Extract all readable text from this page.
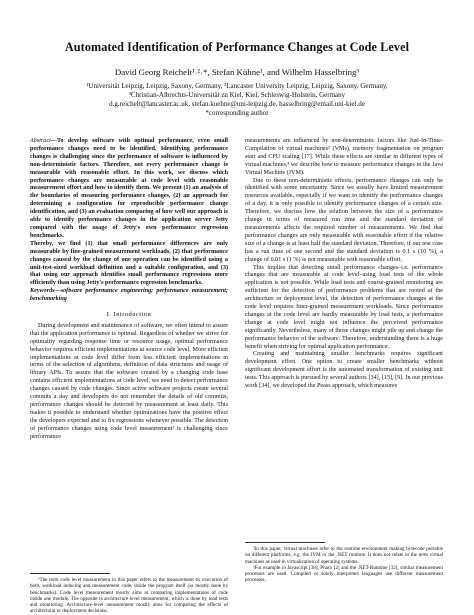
Automated Identification of Performance Changes at Code Level
David Georg Reichelt¹˒²˒*, Stefan Kühne¹, and Wilhelm Hasselbring³
¹Universität Leipzig, Leipzig, Saxony, Germany, ²Lancaster University Leipzig, Leipzig, Saxony, Germany,
³Christian-Albrechts-Universität zu Kiel, Kiel, Schleswig-Holstein, Germany
d.g.reichelt@lancaster.ac.uk, stefan.kuehne@uni-leipzig.de, hasselbring@email.uni-kiel.de
*corresponding author
Abstract—To develop software with optimal performance, even small performance changes need to be identified. Identifying performance changes is challenging since the performance of software is influenced by non-deterministic factors. Therefore, not every performance change is measurable with reasonable effort. In this work, we discuss which performance changes are measurable at code level with reasonable measurement effort and how to identify them. We present (1) an analysis of the boundaries of measuring performance changes, (2) an approach for determining a configuration for reproducible performance change identification, and (3) an evaluation comparing of how well our approach is able to identify performance changes in the application server Jetty compared with the usage of Jetty's own performance regression benchmarks.
Thereby, we find (1) that small performance differences are only measurable by fine-grained measurement workloads, (2) that performance changes caused by the change of one operation can be identified using a unit-test-sized workload definition and a suitable configuration, and (3) that using our approach identifies small performance regressions more efficiently than using Jetty's performance regression benchmarks.
Keywords—software performance engineering; performance measurement; benchmarking
I. Introduction

During development and maintenance of software, we often intend to assure that the application performance is optimal. Regardless of whether we strive for optimality regarding response time or resource usage, optimal performance behavior requires efficient implementations at source code level. More efficient implementations at code level differ from less efficient implementations in terms of the selection of algorithms, definition of data structures and usage of library APIs. To assure that the software created by a changing code base contains efficient implementations at code level, we need to detect performance changes caused by code changes. Since active software projects create several commits a day and developers do not remember the details of old commits, performance changes should be detected by measurement at least daily. This makes it possible to understand whether optimizations have the positive effect the developers expected and to fix regressions whenever possible. The detection of performance changes using code level measurement¹ is challenging since performance

¹The term code level measurement in this paper refers to the measurement by execution of both, workload inducing and measurement code, inside the program itself (as mostly done by benchmarks). Code level measurement mostly aims at comparing implementations of code inside one module. The opposite is architecture level measurement, which is done by load tests and monitoring. Architecture-level measurement mostly aims for comparing the effects of architectural or deployment decisions.

measurements are influenced by non-deterministic factors like Just-In-Time-Compilation of virtual machines² (VMs), memory fragmentation on program start and CPU scaling [17]. While these effects are similar in different types of virtual machines,³ we describe how to measure performance changes in the Java Virtual Machine (JVM).

Due to these non-deterministic effects, performance changes can only be identified with some uncertainty. Since we usually have limited measurement resources available, especially if we want to identify the performance changes of a day, it is only possible to identify performance changes of a certain size. Therefore, we discuss how the relation between the size of a performance change in terms of measured run time and the standard deviation of measurements affects the required number of measurements. We find that performance changes are only measurable with reasonable effort if the relative size of a change is at least half the standard deviation. Therefore, if our test case has a run time of one second and the standard deviation is 0.1 s (10 %), a change of 0.01 s (1 %) is not measurable with reasonable effort.

This implies that detecting small performance changes–i.e. performance changes that are measurable at code level–using load tests of the whole application is not possible. While load tests and course-grained monitoring are sufficient for the detection of performance problems that are rooted at the architecture or deployment level, the detection of performance changes at the code level requires finer-grained measurement workloads. Since performance changes at the code level are hardly measurable by load tests, a performance change at code level might not influence the perceived performance significantly. Nevertheless, many of those changes might pile up and change the performance behavior of the software. Therefore, understanding them is a huge benefit when striving for optimal application performance.

Creating and maintaining smaller benchmarks requires significant development effort. One option to create smaller benchmarks without significant development effort is the automated transformation of existing unit tests. This approach is pursued by several authors [34], [15], [9]. In our previous work [34], we developed the Peass approach, which measures

²In this paper, virtual machines refer to the runtime environment making bytecode portable on different platforms, e.g. the JVM or the .NET runtime. It does not relate to the term virtual machines as used in virtualization of operating systems.
³For example in Javascript [38], Pharo [2] and the .NET-Runtime [32], similar measurement processes are used. Compiled or solely interpreted languages use different measurement processes.
